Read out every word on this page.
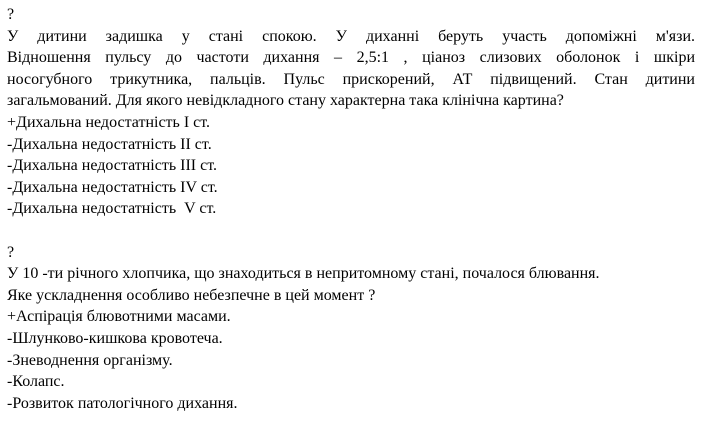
?
У дитини задишка у стані спокою. У диханні беруть участь допоміжні м'язи.
Відношення пульсу до частоти дихання – 2,5:1 , ціаноз слизових оболонок і шкіри
носогубного трикутника, пальців. Пульс прискорений, АТ підвищений. Стан дитини
загальмований. Для якого невідкладного стану характерна така клінічна картина?
+Дихальна недостатність І ст.
-Дихальна недостатність ІІ ст.
-Дихальна недостатність ІІІ ст.
-Дихальна недостатність ІV ст.
-Дихальна недостатність  V ст.
?
У 10 -ти річного хлопчика, що знаходиться в непритомному стані, почалося блювання.
Яке ускладнення особливо небезпечне в цей момент ?
+Аспірація блювотними масами.
-Шлунково-кишкова кровотеча.
-Зневоднення організму.
-Колапс.
-Розвиток патологічного дихання.
